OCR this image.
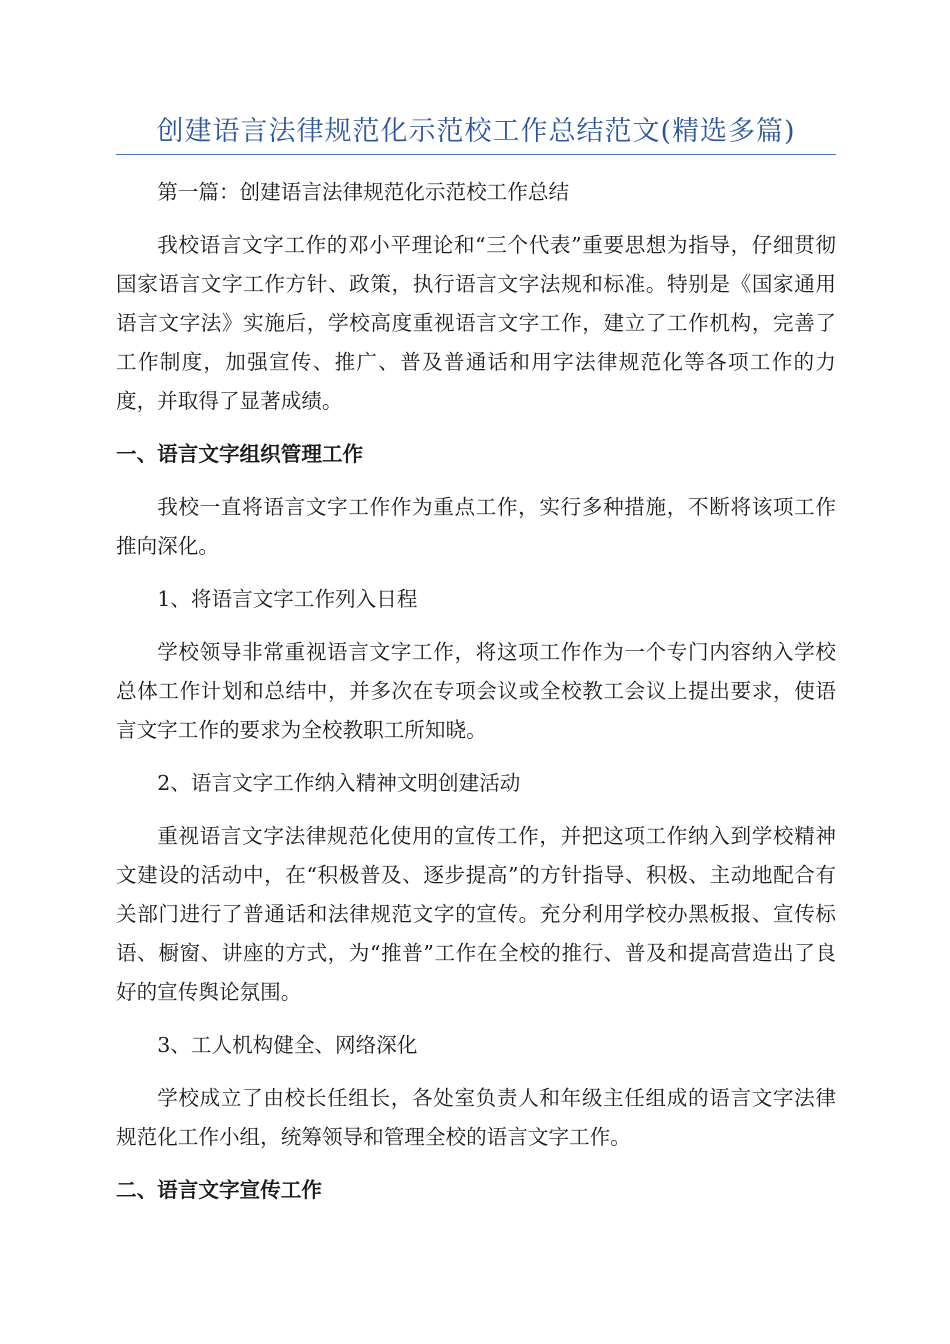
创建语言法律规范化示范校工作总结范文(精选多篇)
第一篇：创建语言法律规范化示范校工作总结
我校语言文字工作的邓小平理论和“三个代表”重要思想为指导，仔细贯彻国家语言文字工作方针、政策，执行语言文字法规和标准。特别是《国家通用语言文字法》实施后，学校高度重视语言文字工作，建立了工作机构，完善了工作制度，加强宣传、推广、普及普通话和用字法律规范化等各项工作的力度，并取得了显著成绩。
一、语言文字组织管理工作
我校一直将语言文字工作作为重点工作，实行多种措施，不断将该项工作推向深化。
1、将语言文字工作列入日程
学校领导非常重视语言文字工作，将这项工作作为一个专门内容纳入学校总体工作计划和总结中，并多次在专项会议或全校教工会议上提出要求，使语言文字工作的要求为全校教职工所知晓。
2、语言文字工作纳入精神文明创建活动
重视语言文字法律规范化使用的宣传工作，并把这项工作纳入到学校精神文建设的活动中，在“积极普及、逐步提高”的方针指导、积极、主动地配合有关部门进行了普通话和法律规范文字的宣传。充分利用学校办黑板报、宣传标语、橱窗、讲座的方式，为“推普”工作在全校的推行、普及和提高营造出了良好的宣传舆论氛围。
3、工人机构健全、网络深化
学校成立了由校长任组长，各处室负责人和年级主任组成的语言文字法律规范化工作小组，统筹领导和管理全校的语言文字工作。
二、语言文字宣传工作
